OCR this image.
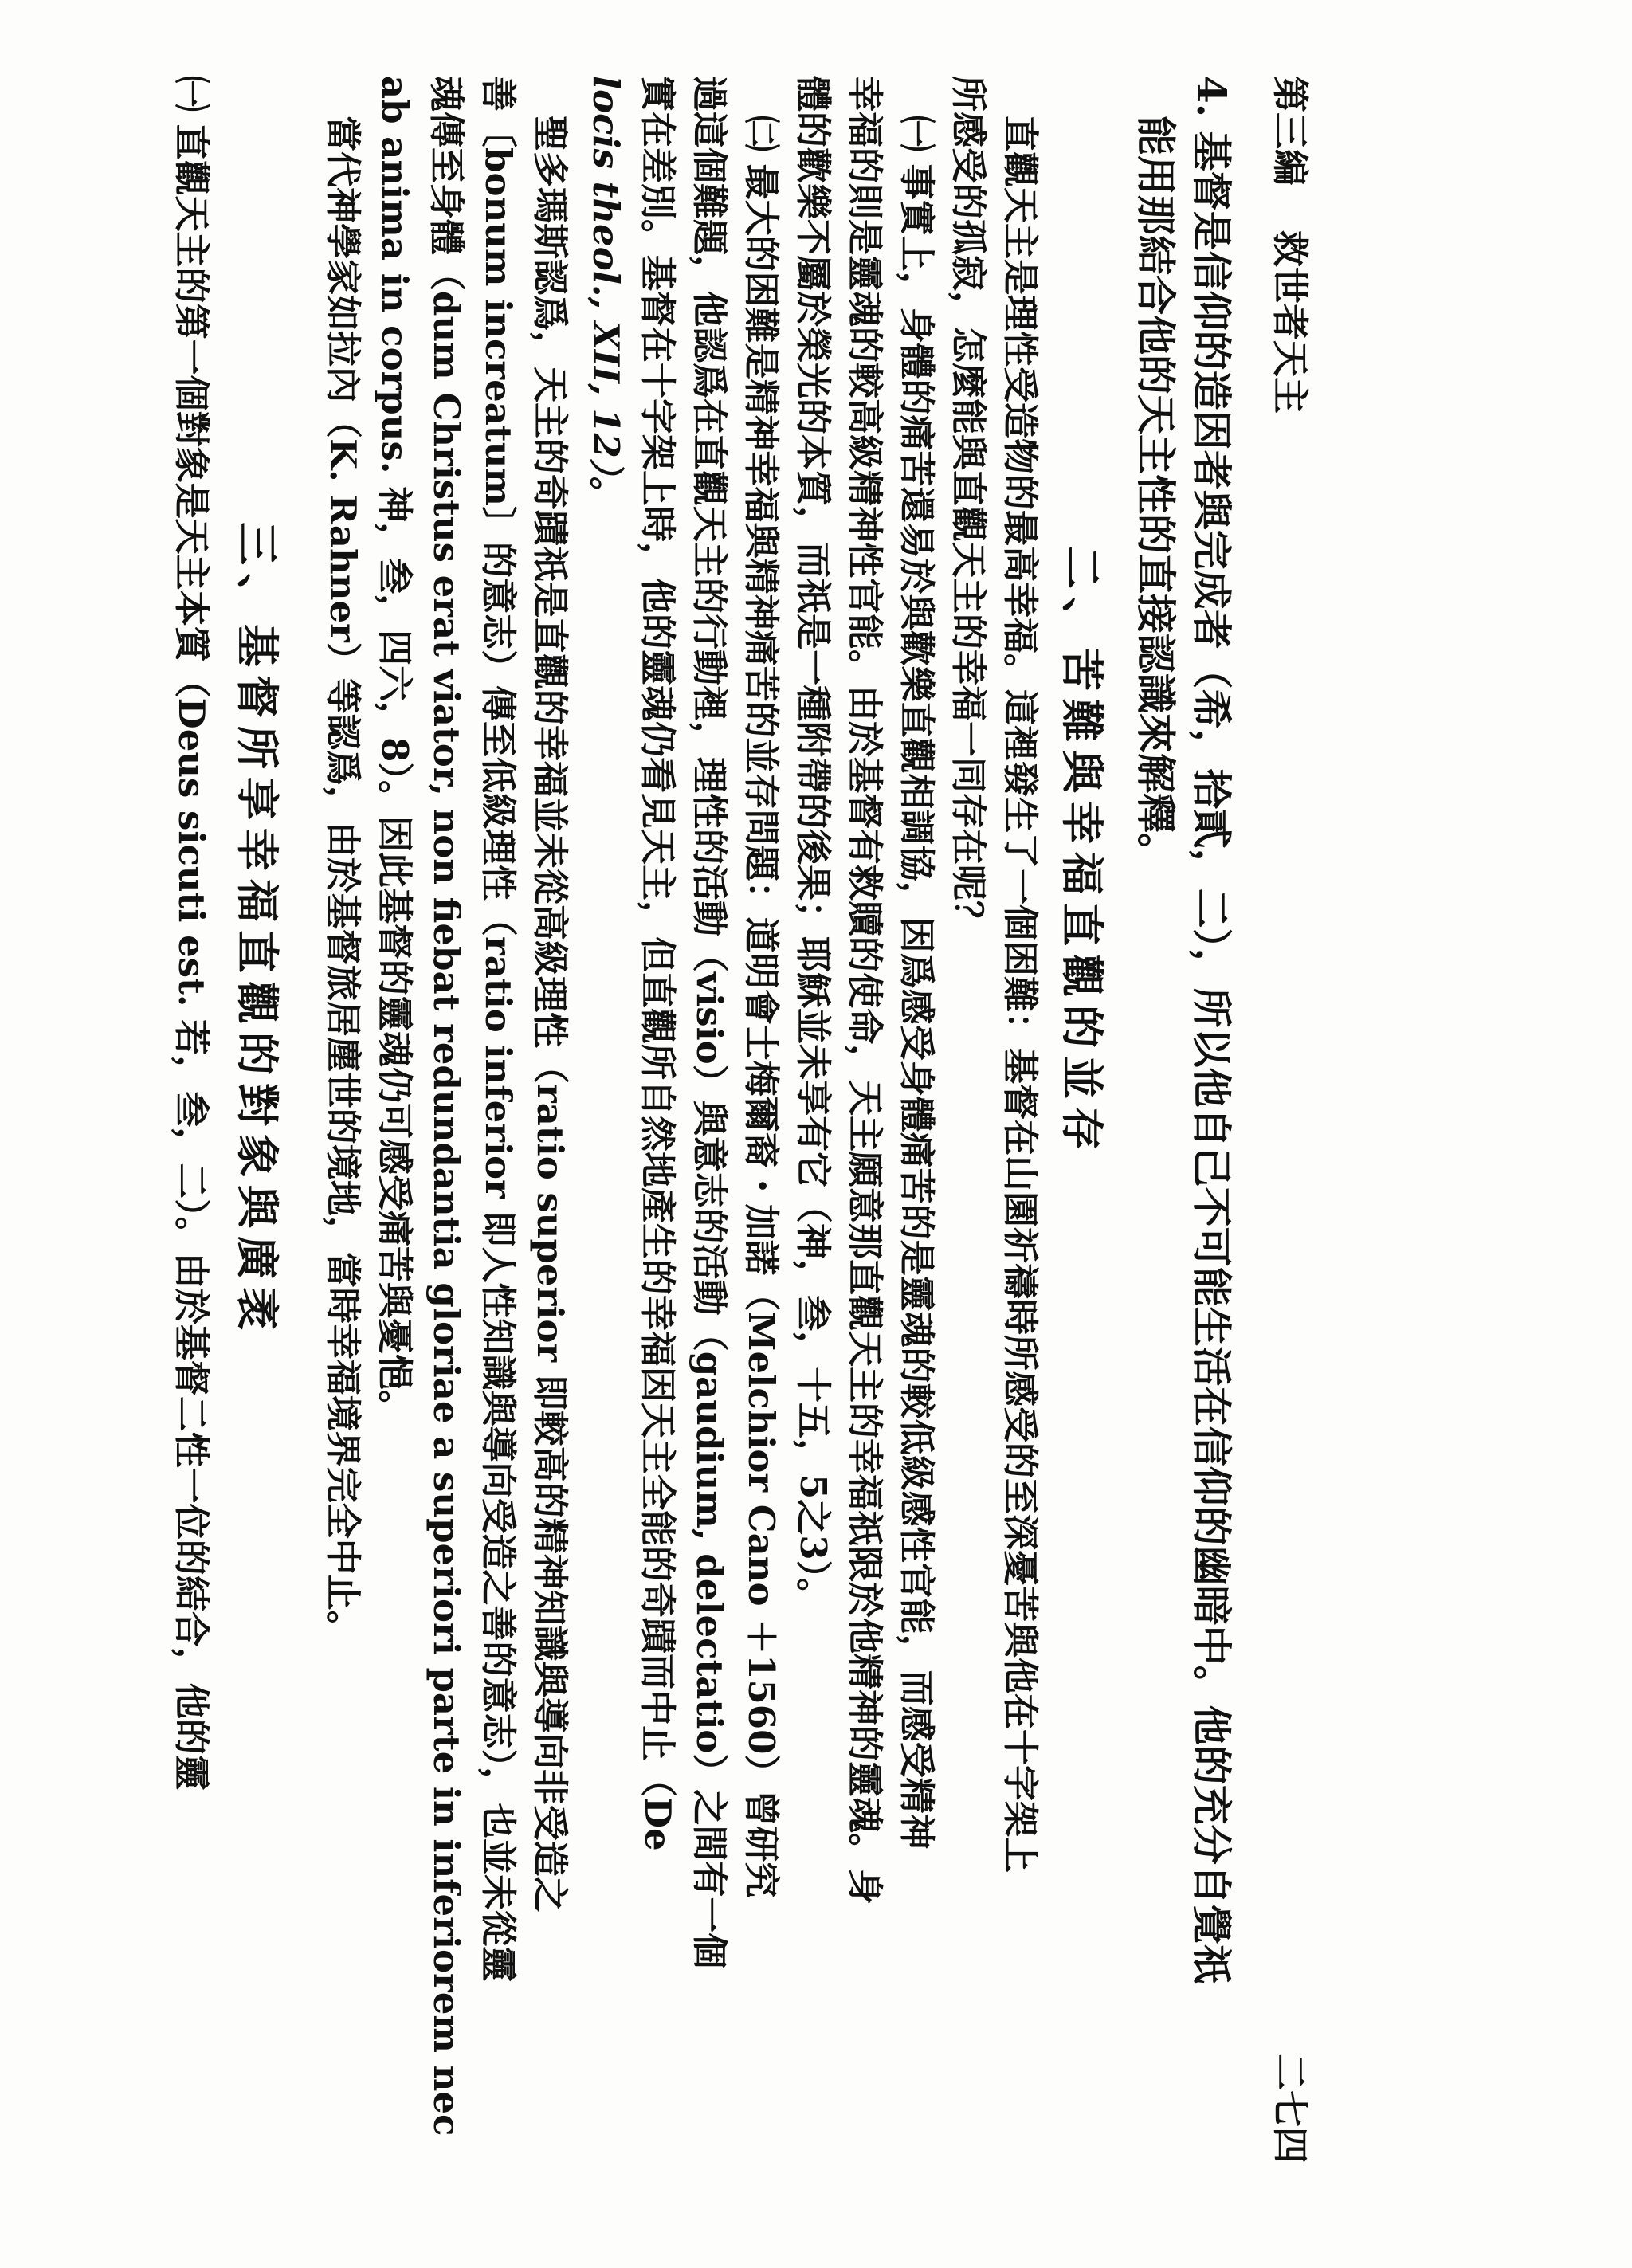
第三編 救世者天主
二七四
4. 基督是信仰的造因者與完成者（希，拾貳，二），所以他自己不可能生活在信仰的幽暗中。他的充分自覺祇
能用那結合他的天主性的直接認識來解釋。
二、苦難與幸福直觀的並存
直觀天主是理性受造物的最高幸福。這裡發生了一個困難：基督在山園祈禱時所感受的至深憂苦與他在十字架上
所感受的孤寂，怎麼能與直觀天主的幸福一同存在呢？
㈠ 事實上，身體的痛苦還易於與歡樂直觀相調協，因爲感受身體痛苦的是靈魂的較低級感性官能，而感受精神
幸福的則是靈魂的較高級精神性官能。由於基督有救贖的使命，天主願意那直觀天主的幸福祇限於他精神的靈魂。身
體的歡樂不屬於榮光的本質，而祇是一種附帶的後果；耶穌並未享有它（神，叁，十五，5之3）。
㈡ 最大的困難是精神幸福與精神痛苦的並存問題：道明會士梅爾裔・加諾（Melchior Cano ＋1560）曾研究
過這個難題，他認爲在直觀天主的行動裡，理性的活動（visio）與意志的活動（gaudium, delectatio）之間有一個
實在差別。基督在十字架上時，他的靈魂仍看見天主，但直觀所自然地產生的幸福因天主全能的奇蹟而中止（De
locis theol., XII, 12）。
聖多瑪斯認爲，天主的奇蹟祇是直觀的幸福並未從高級理性（ratio superior 即較高的精神知識與導向非受造之
善〔bonum increatum〕的意志）傳至低級理性（ratio inferior 即人性知識與導向受造之善的意志），也並未從靈
魂傳至身體（dum Christus erat viator, non fiebat redundantia gloriae a superiori parte in inferiorem nec
ab anima in corpus. 神，叁，四六，8）。因此基督的靈魂仍可感受痛苦與憂悒。
當代神學家如拉內（K. Rahner）等認爲，由於基督旅居塵世的境地，當時幸福境界完全中止。
三、基督所享幸福直觀的對象與廣袤
㈠ 直觀天主的第一個對象是天主本質（Deus sicuti est. 若，叁，二）。由於基督二性一位的結合，他的靈
